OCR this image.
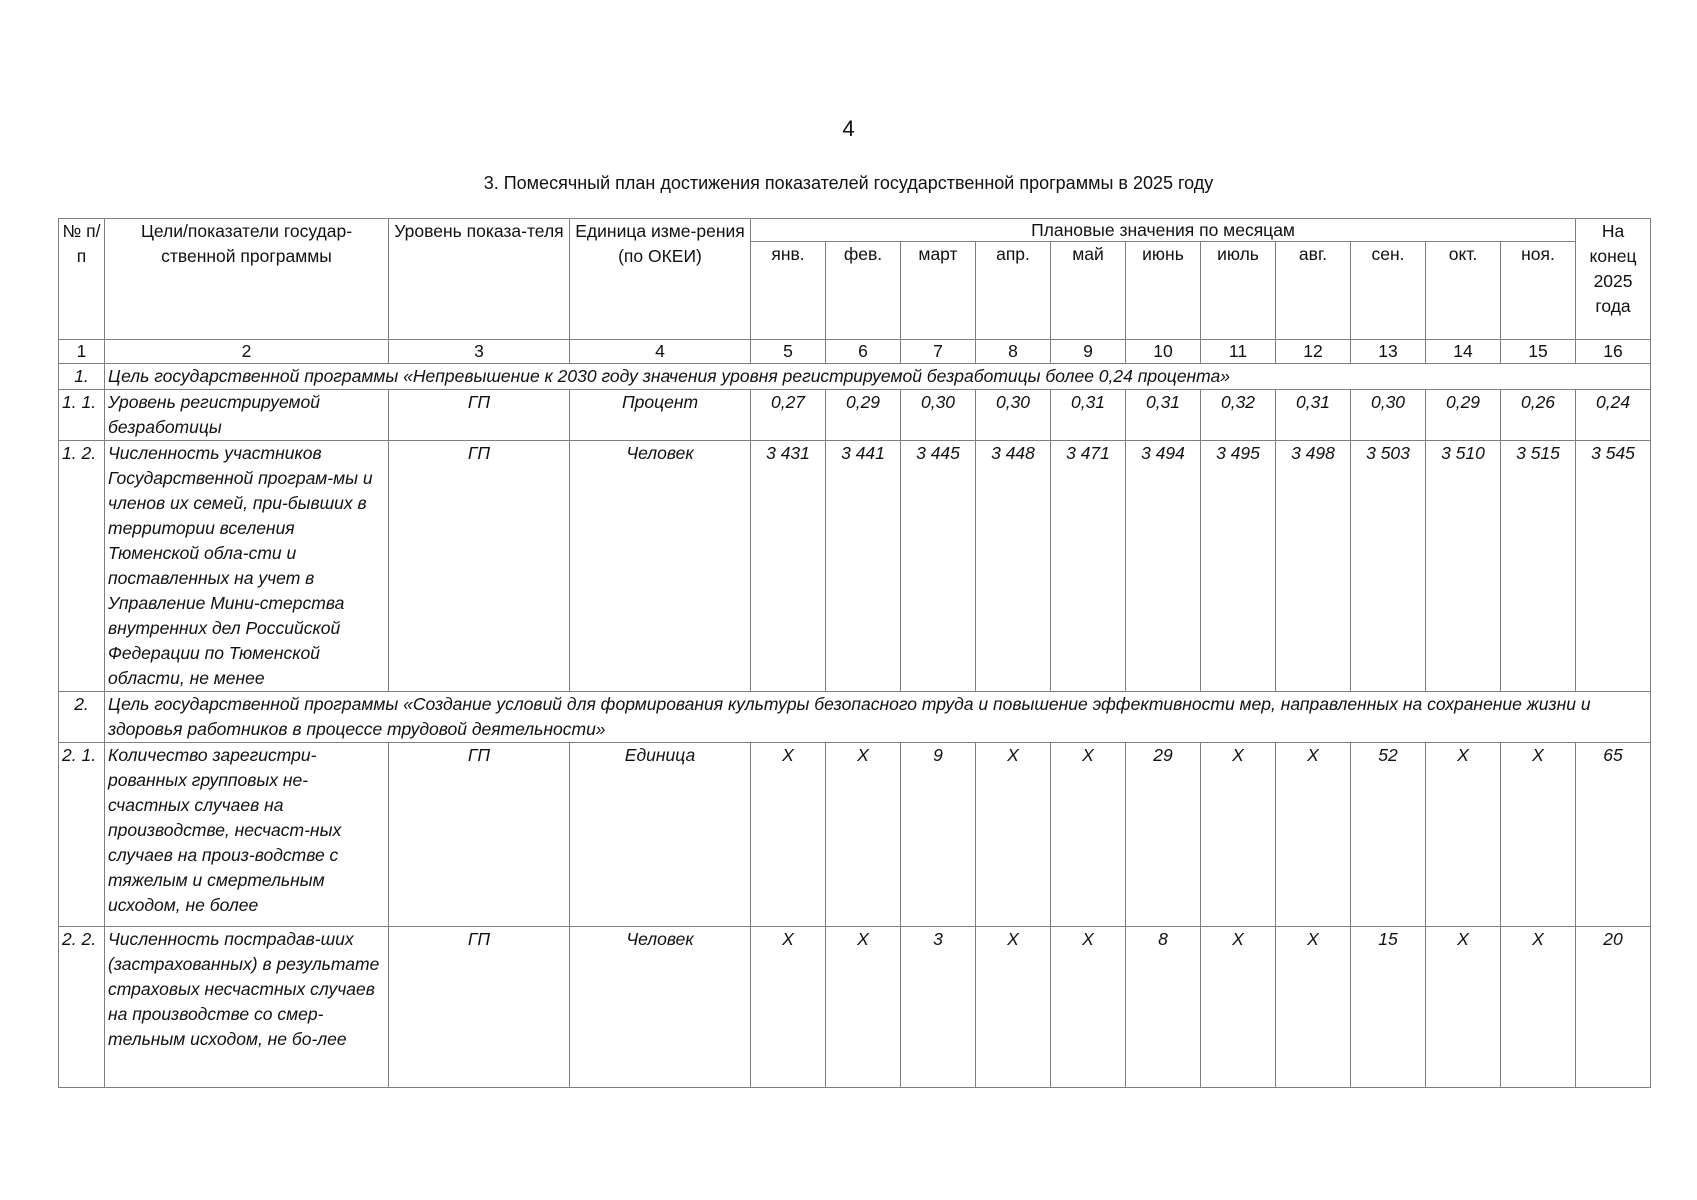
4
3. Помесячный план достижения показателей государственной программы в 2025 году
№ п/п	Цели/показатели государ-ственной программы	Уровень показа-теля	Единица изме-рения (по ОКЕИ)	Плановые значения по месяцам											На конец 2025 года
				янв.	фев.	март	апр.	май	июнь	июль	авг.	сен.	окт.	ноя.	
1	2	3	4	5	6	7	8	9	10	11	12	13	14	15	16
1.	Цель государственной программы «Непревышение к 2030 году значения уровня регистрируемой безработицы более 0,24 процента»														
1. 1.	Уровень регистрируемой безработицы	ГП	Процент	0,27	0,29	0,30	0,30	0,31	0,31	0,32	0,31	0,30	0,29	0,26	0,24
1. 2.	Численность участников Государственной програм-мы и членов их семей, при-бывших в территории вселения Тюменской обла-сти и поставленных на учет в Управление Мини-стерства внутренних дел Российской Федерации по Тюменской области, не менее	ГП	Человек	3 431	3 441	3 445	3 448	3 471	3 494	3 495	3 498	3 503	3 510	3 515	3 545
2.	Цель государственной программы «Создание условий для формирования культуры безопасного труда и повышение эффективности мер, направленных на сохранение жизни и здоровья работников в процессе трудовой деятельности»														
2. 1.	Количество зарегистри-рованных групповых не-счастных случаев на производстве, несчаст-ных случаев на произ-водстве с тяжелым и смертельным исходом, не более	ГП	Единица	Х	Х	9	Х	Х	29	Х	Х	52	Х	Х	65
2. 2.	Численность пострадав-ших (застрахованных) в результате страховых несчастных случаев на производстве со смер-тельным исходом, не бо-лее	ГП	Человек	Х	Х	3	Х	Х	8	Х	Х	15	Х	Х	20
